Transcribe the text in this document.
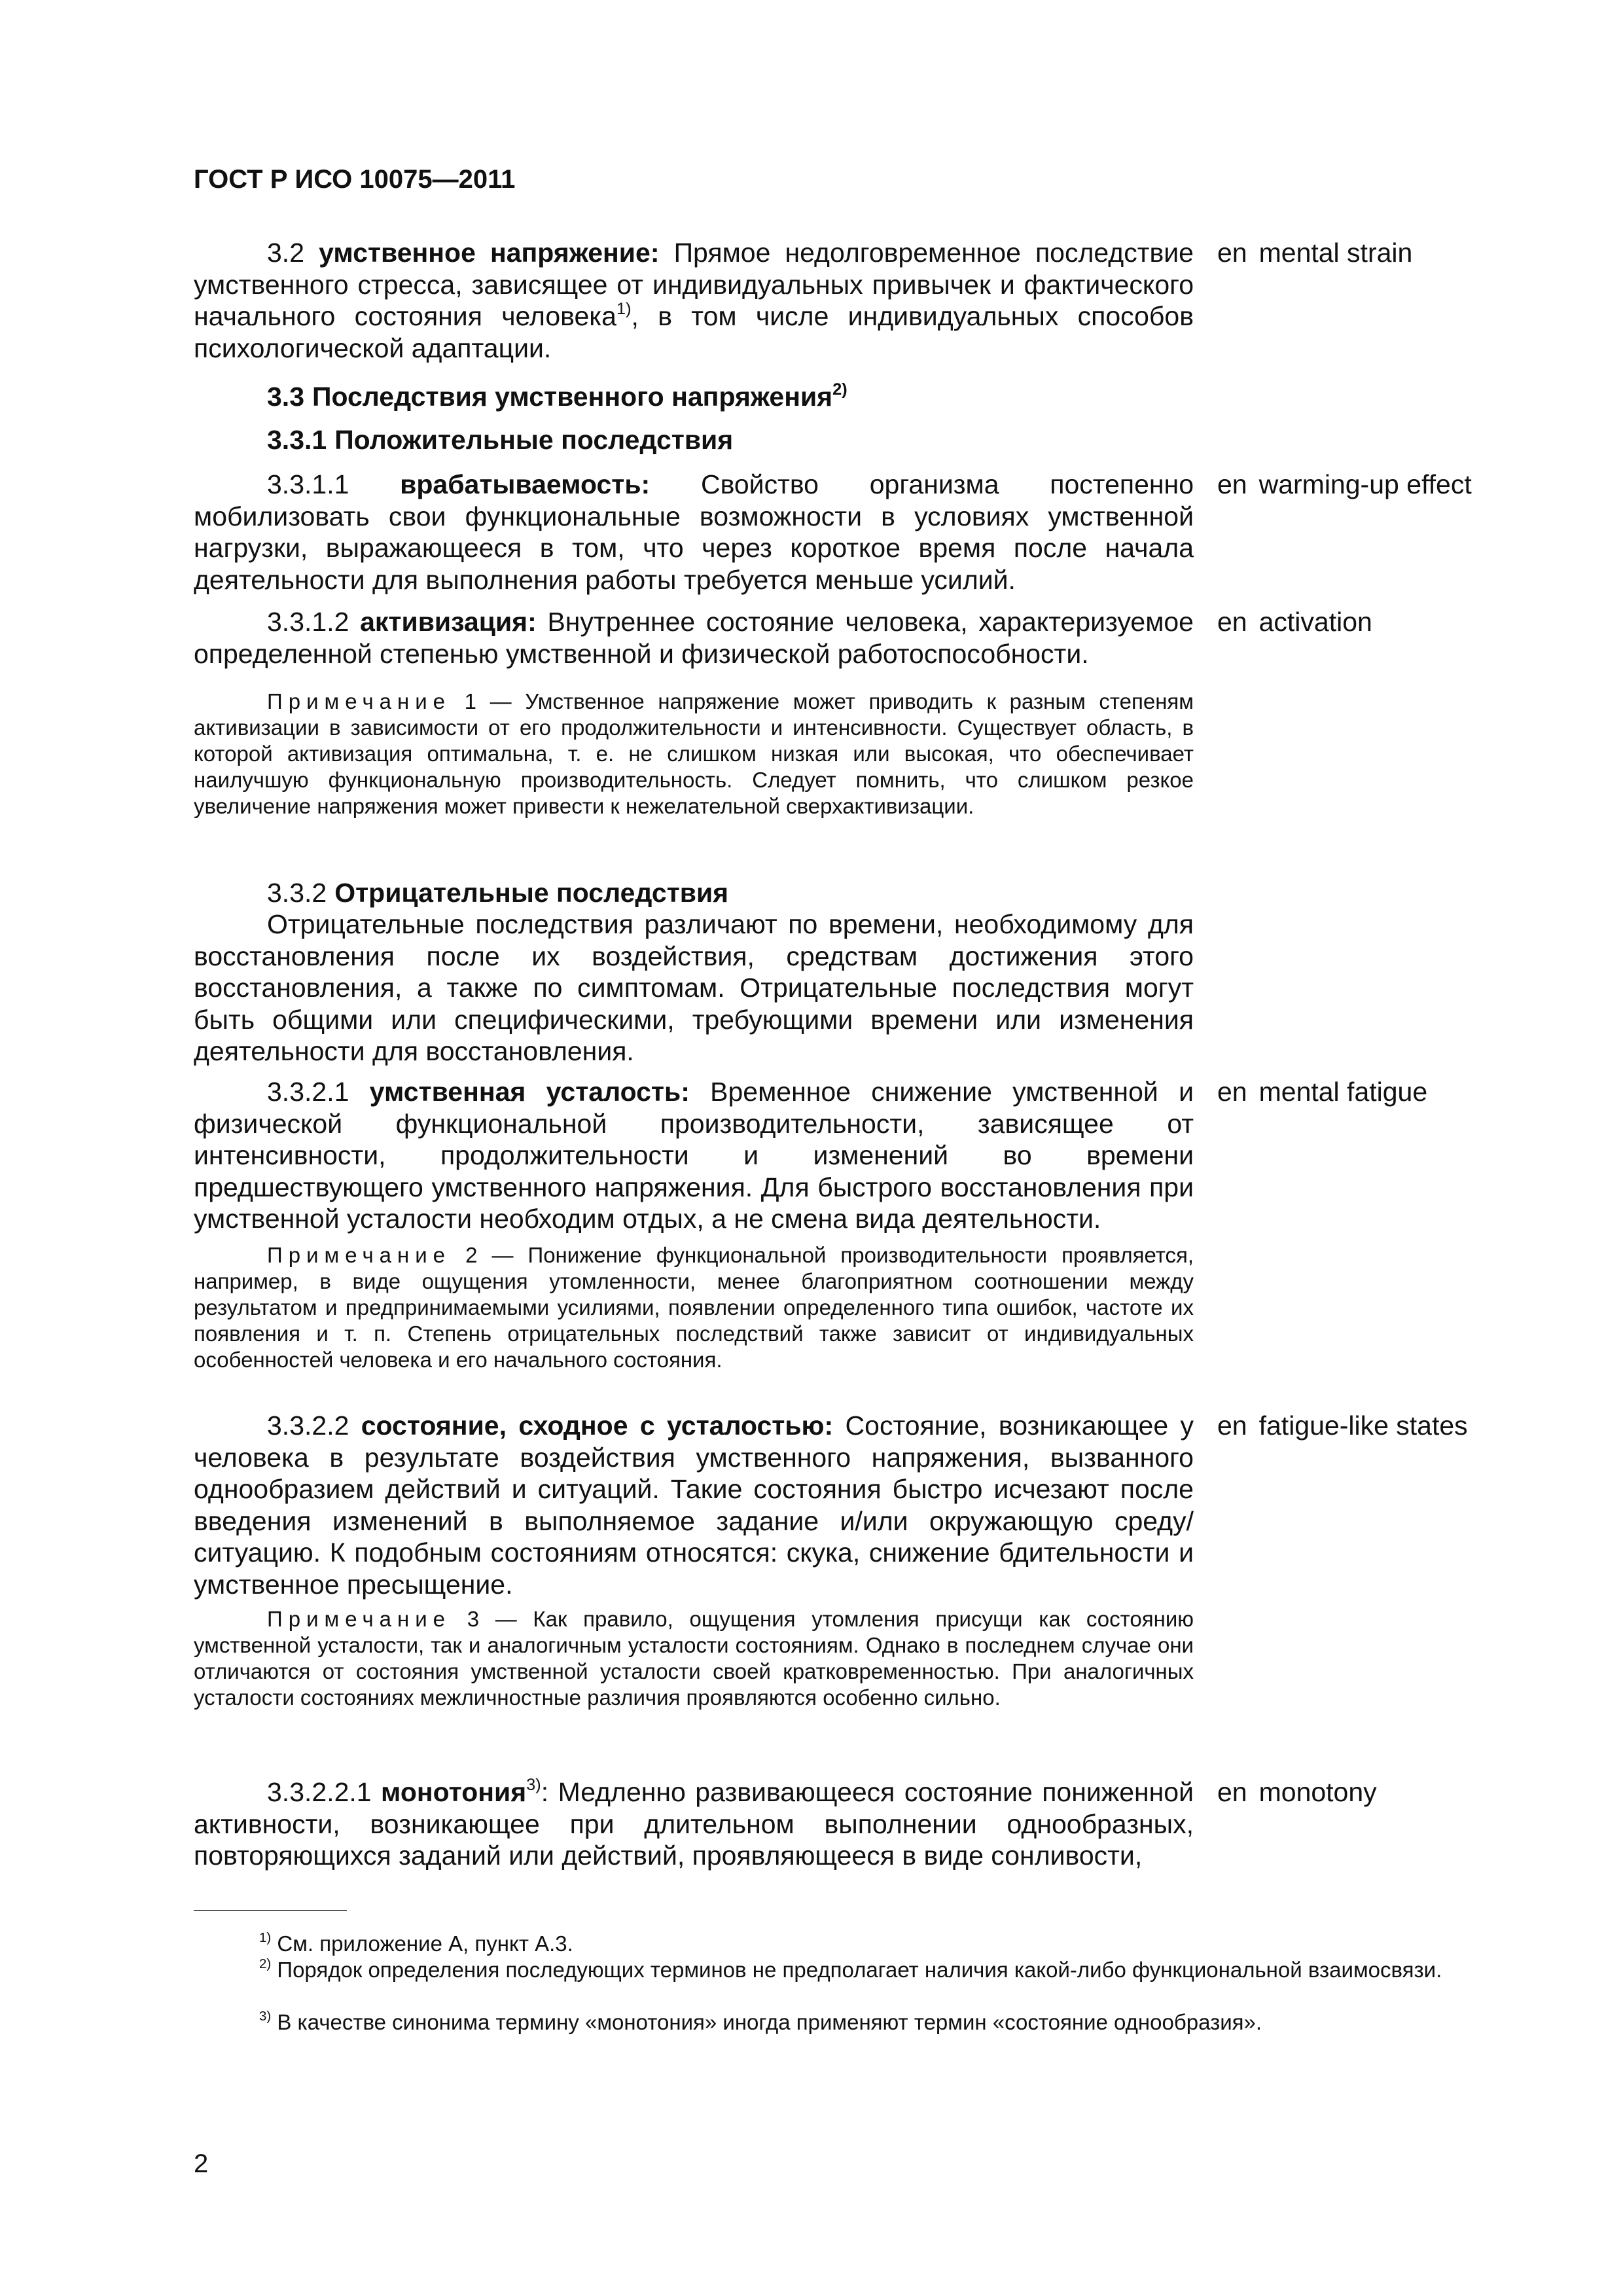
ГОСТ Р ИСО 10075—2011

3.2 умственное напряжение: Прямое недолговременное последствие умственного стресса, зависящее от индивидуальных привычек и фактического начального состояния человека$^{1)}$, в том числе индивидуальных способов психологической адаптации.

en mental strain
3.3 Последствия умственного напряжения$^{2)}$
3.3.1 Положительные последствия

3.3.1.1 врабатываемость: Свойство организма постепенно мобилизовать свои функциональные возможности в условиях умственной нагрузки, выражающееся в том, что через короткое время после начала деятельности для выполнения работы требуется меньше усилий.

en warming-up effect

3.3.1.2 активизация: Внутреннее состояние человека, характеризуемое определенной степенью умственной и физической работоспособности.

en activation
Примечание 1 — Умственное напряжение может приводить к разным степеням активизации в зависимости от его продолжительности и интенсивности. Существует область, в которой активизация оптимальна, т. е. не слишком низкая или высокая, что обеспечивает наилучшую функциональную производительность. Следует помнить, что слишком резкое увеличение напряжения может привести к нежелательной сверхактивизации.
3.3.2 Отрицательные последствия

Отрицательные последствия различают по времени, необходимому для восстановления после их воздействия, средствам достижения этого восстановления, а также по симптомам. Отрицательные последствия могут быть общими или специфическими, требующими времени или изменения деятельности для восстановления.

3.3.2.1 умственная усталость: Временное снижение умственной и физической функциональной производительности, зависящее от интенсивности, продолжительности и изменений во времени предшествующего умственного напряжения. Для быстрого восстановления при умственной усталости необходим отдых, а не смена вида деятельности.

en mental fatigue
Примечание 2 — Понижение функциональной производительности проявляется, например, в виде ощущения утомленности, менее благоприятном соотношении между результатом и предпринимаемыми усилиями, появлении определенного типа ошибок, частоте их появления и т. п. Степень отрицательных последствий также зависит от индивидуальных особенностей человека и его начального состояния.

3.3.2.2 состояние, сходное с усталостью: Состояние, возникающее у человека в результате воздействия умственного напряжения, вызванного однообразием действий и ситуаций. Такие состояния быстро исчезают после введения изменений в выполняемое задание и/или окружающую среду/ситуацию. К подобным состояниям относятся: скука, снижение бдительности и умственное пресыщение.

en fatigue-like states
Примечание 3 — Как правило, ощущения утомления присущи как состоянию умственной усталости, так и аналогичным усталости состояниям. Однако в последнем случае они отличаются от состояния умственной усталости своей кратковременностью. При аналогичных усталости состояниях межличностные различия проявляются особенно сильно.

3.3.2.2.1 монотония$^{3)}$: Медленно развивающееся состояние пониженной активности, возникающее при длительном выполнении однообразных, повторяющихся заданий или действий, проявляющееся в виде сонливости,

en monotony
$^{1)}$ См. приложение А, пункт А.3.
$^{2)}$ Порядок определения последующих терминов не предполагает наличия какой-либо функциональной взаимосвязи.
$^{3)}$ В качестве синонима термину «монотония» иногда применяют термин «состояние однообразия».
2
